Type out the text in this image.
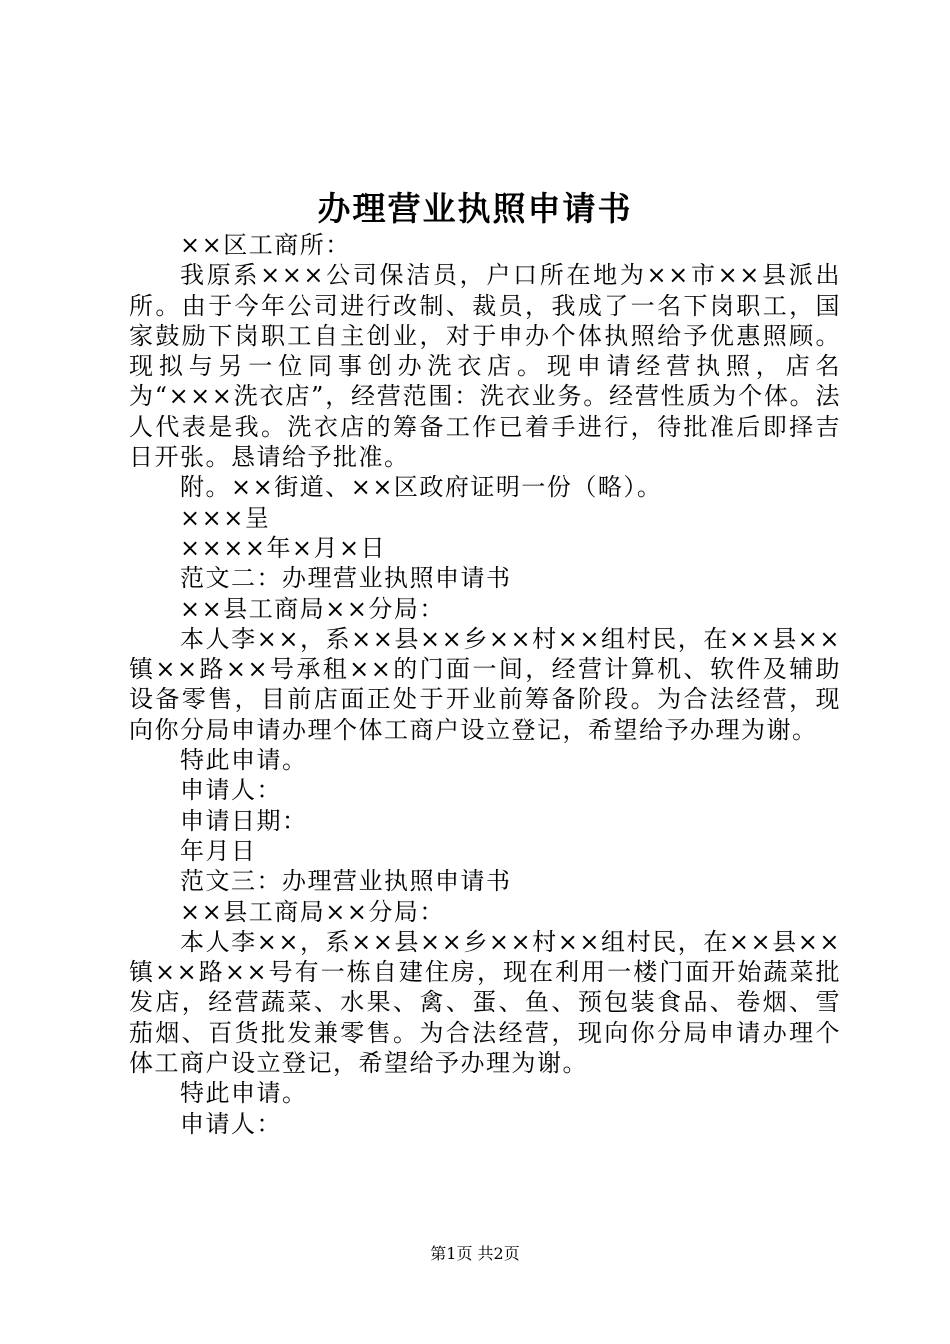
办理营业执照申请书

××区工商所：

我原系×××公司保洁员，户口所在地为××市××县派出所。由于今年公司进行改制、裁员，我成了一名下岗职工，国家鼓励下岗职工自主创业，对于申办个体执照给予优惠照顾。现拟与另一位同事创办洗衣店。现申请经营执照，店名为“×××洗衣店”，经营范围：洗衣业务。经营性质为个体。法人代表是我。洗衣店的筹备工作已着手进行，待批准后即择吉日开张。恳请给予批准。

附。××街道、××区政府证明一份（略）。

×××呈

××××年×月×日

范文二：办理营业执照申请书

××县工商局××分局：

本人李××，系××县××乡××村××组村民，在××县××镇××路××号承租××的门面一间，经营计算机、软件及辅助设备零售，目前店面正处于开业前筹备阶段。为合法经营，现向你分局申请办理个体工商户设立登记，希望给予办理为谢。

特此申请。

申请人：

申请日期：

年月日

范文三：办理营业执照申请书

××县工商局××分局：

本人李××，系××县××乡××村××组村民，在××县××镇××路××号有一栋自建住房，现在利用一楼门面开始蔬菜批发店，经营蔬菜、水果、禽、蛋、鱼、预包装食品、卷烟、雪茄烟、百货批发兼零售。为合法经营，现向你分局申请办理个体工商户设立登记，希望给予办理为谢。

特此申请。

申请人：

第1页 共2页
